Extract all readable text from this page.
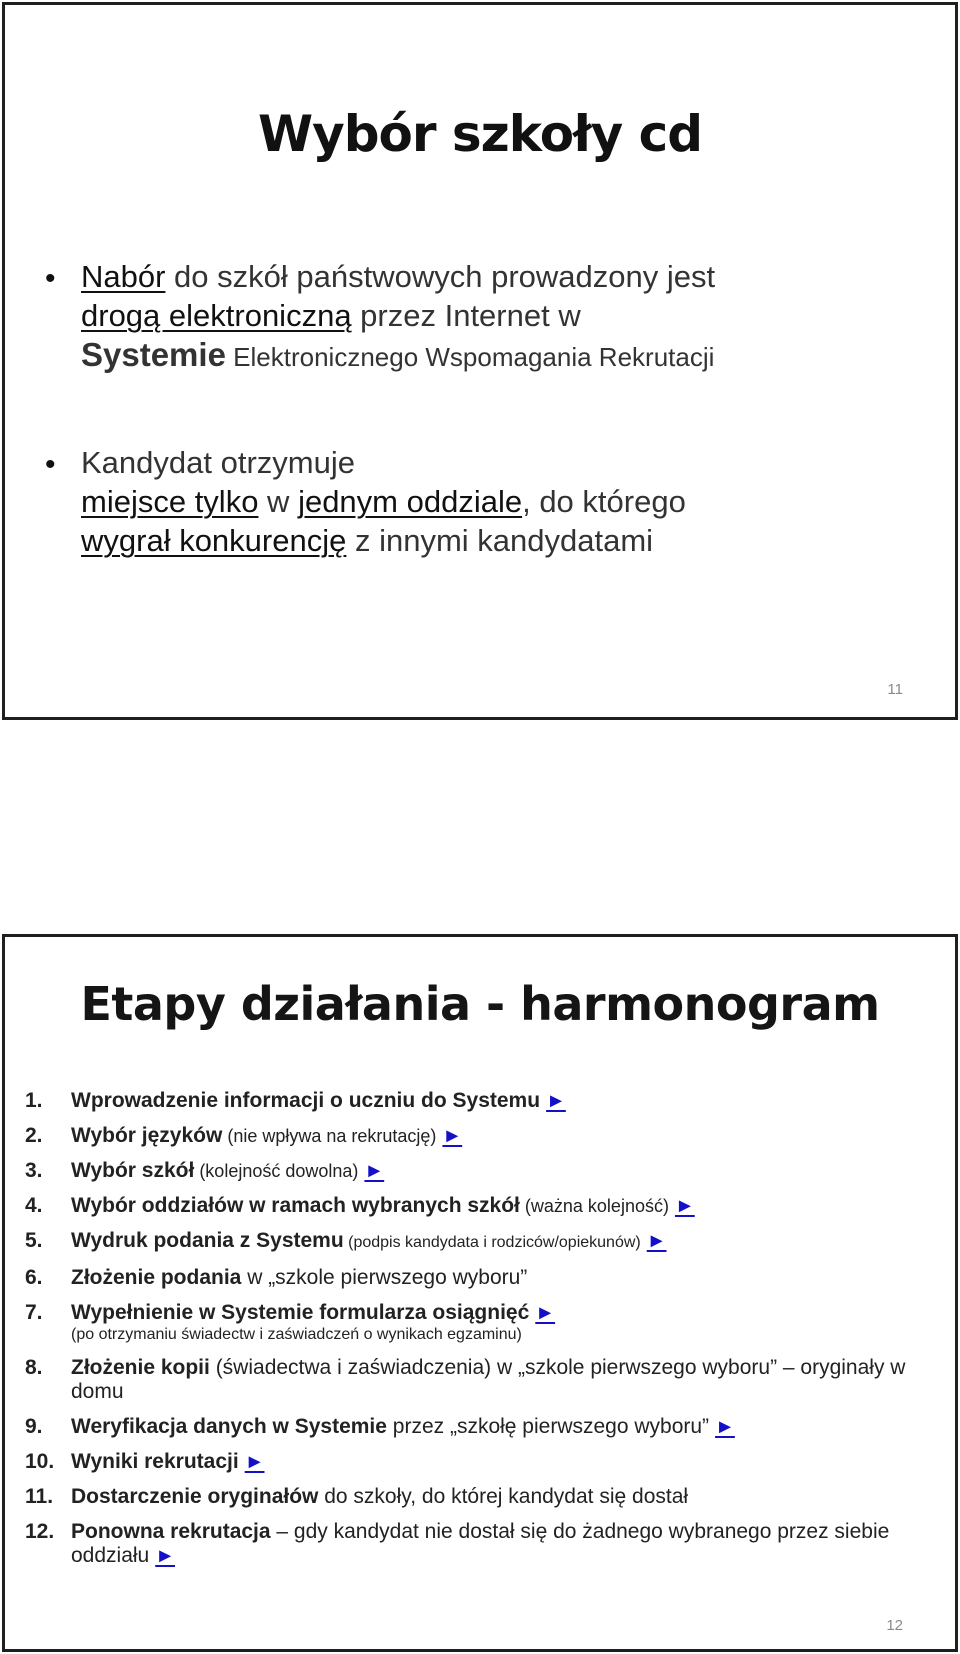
Wybór szkoły cd
• Nabór do szkół państwowych prowadzony jest
drogą elektroniczną przez Internet w
Systemie Elektronicznego Wspomagania Rekrutacji
• Kandydat otrzymuje
miejsce tylko w jednym oddziale, do którego
wygrał konkurencję z innymi kandydatami
11
Etapy działania - harmonogram
1. Wprowadzenie informacji o uczniu do Systemu ►
2. Wybór języków (nie wpływa na rekrutację) ►
3. Wybór szkół (kolejność dowolna) ►
4. Wybór oddziałów w ramach wybranych szkół (ważna kolejność) ►
5. Wydruk podania z Systemu (podpis kandydata i rodziców/opiekunów) ►
6. Złożenie podania w „szkole pierwszego wyboru”
7. Wypełnienie w Systemie formularza osiągnięć ►
(po otrzymaniu świadectw i zaświadczeń o wynikach egzaminu)
8. Złożenie kopii (świadectwa i zaświadczenia) w „szkole pierwszego wyboru” – oryginały w domu
9. Weryfikacja danych w Systemie przez „szkołę pierwszego wyboru” ►
10. Wyniki rekrutacji ►
11. Dostarczenie oryginałów do szkoły, do której kandydat się dostał
12. Ponowna rekrutacja – gdy kandydat nie dostał się do żadnego wybranego przez siebie oddziału ►
12
